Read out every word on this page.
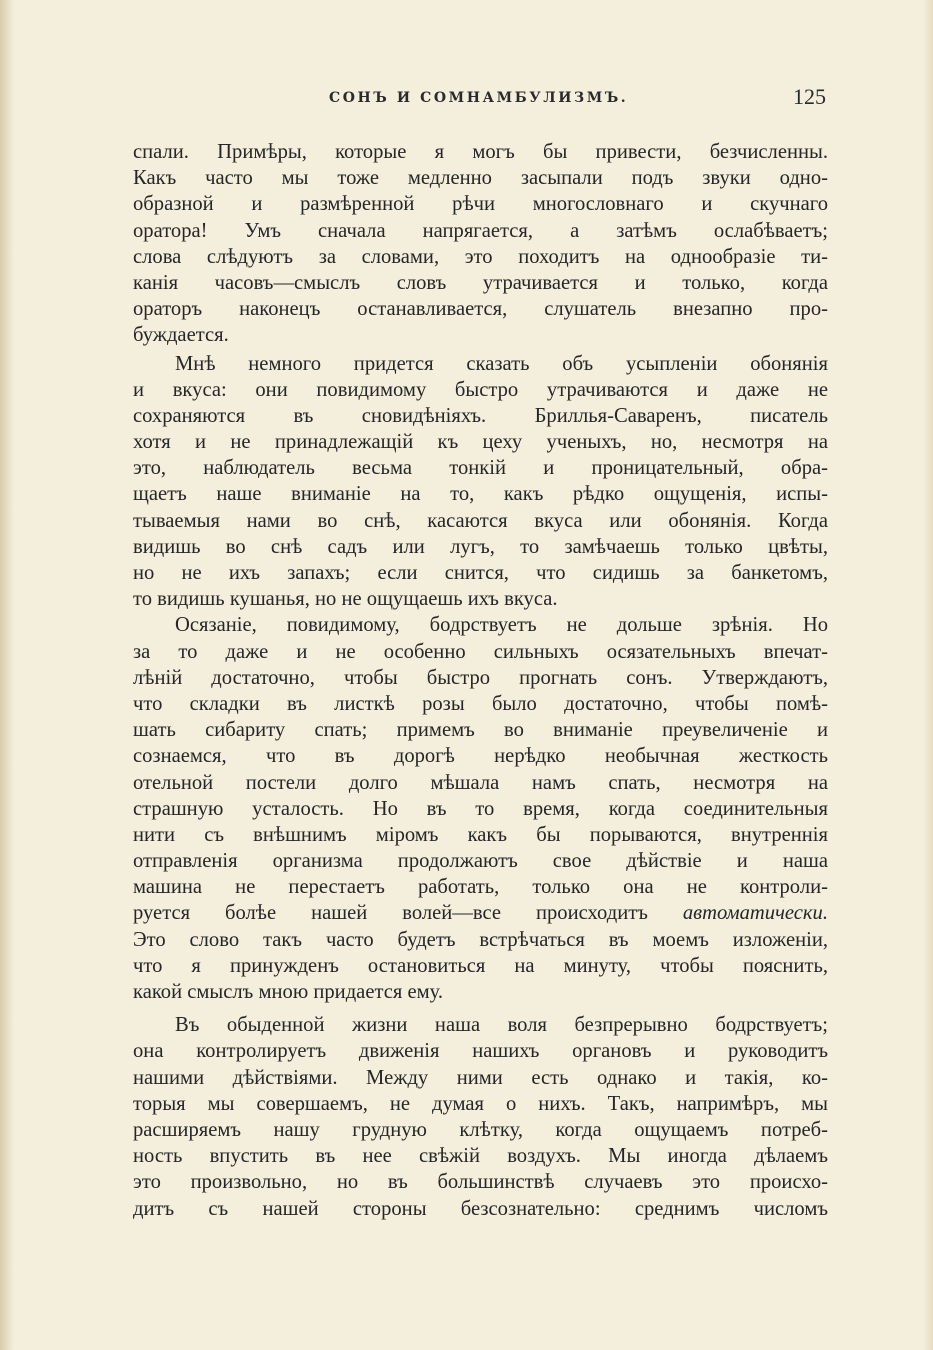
СОНЪ И СОМНАМБУЛИЗМЪ.	125
спали. Примѣры, которые я могъ бы привести, безчисленны.
Какъ часто мы тоже медленно засыпали подъ звуки одно-
образной и размѣренной рѣчи многословнаго и скучнаго
оратора! Умъ сначала напрягается, а затѣмъ ослабѣваетъ;
слова слѣдуютъ за словами, это походитъ на однообразіе ти-
канія часовъ—смыслъ словъ утрачивается и только, когда
ораторъ наконецъ останавливается, слушатель внезапно про-
буждается.
Мнѣ немного придется сказать объ усыпленіи обонянія
и вкуса: они повидимому быстро утрачиваются и даже не
сохраняются въ сновидѣніяхъ. Бриллья-Саваренъ, писатель
хотя и не принадлежащій къ цеху ученыхъ, но, несмотря на
это, наблюдатель весьма тонкій и проницательный, обра-
щаетъ наше вниманіе на то, какъ рѣдко ощущенія, испы-
тываемыя нами во снѣ, касаются вкуса или обонянія. Когда
видишь во снѣ садъ или лугъ, то замѣчаешь только цвѣты,
но не ихъ запахъ; если снится, что сидишь за банкетомъ,
то видишь кушанья, но не ощущаешь ихъ вкуса.
Осязаніе, повидимому, бодрствуетъ не дольше зрѣнія. Но
за то даже и не особенно сильныхъ осязательныхъ впечат-
лѣній достаточно, чтобы быстро прогнать сонъ. Утверждаютъ,
что складки въ листкѣ розы было достаточно, чтобы помѣ-
шать сибариту спать; примемъ во вниманіе преувеличеніе и
сознаемся, что въ дорогѣ нерѣдко необычная жесткость
отельной постели долго мѣшала намъ спать, несмотря на
страшную усталость. Но въ то время, когда соединительныя
нити съ внѣшнимъ міромъ какъ бы порываются, внутреннія
отправленія организма продолжаютъ свое дѣйствіе и наша
машина не перестаетъ работать, только она не контроли-
руется болѣе нашей волей—все происходитъ автоматически.
Это слово такъ часто будетъ встрѣчаться въ моемъ изложеніи,
что я принужденъ остановиться на минуту, чтобы пояснить,
какой смыслъ мною придается ему.
Въ обыденной жизни наша воля безпрерывно бодрствуетъ;
она контролируетъ движенія нашихъ органовъ и руководитъ
нашими дѣйствіями. Между ними есть однако и такія, ко-
торыя мы совершаемъ, не думая о нихъ. Такъ, напримѣръ, мы
расширяемъ нашу грудную клѣтку, когда ощущаемъ потреб-
ность впустить въ нее свѣжій воздухъ. Мы иногда дѣлаемъ
это произвольно, но въ большинствѣ случаевъ это происхо-
дитъ съ нашей стороны безсознательно: среднимъ числомъ
